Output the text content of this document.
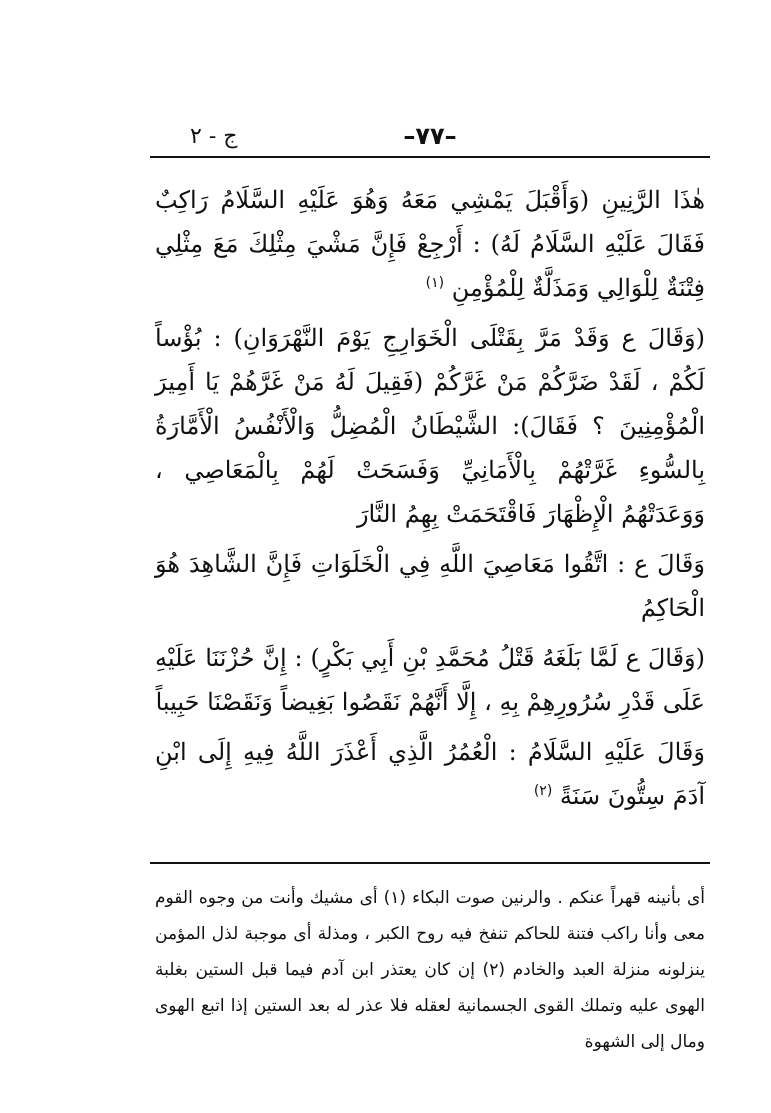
–٧٧–
ج - ٢

هٰذَا الرَّنِينِ (وَأَقْبَلَ يَمْشِي مَعَهُ وَهُوَ عَلَيْهِ السَّلَامُ رَاكِبٌ فَقَالَ عَلَيْهِ السَّلَامُ لَهُ) : أَرْجِعْ فَإِنَّ مَشْيَ مِثْلِكَ مَعَ مِثْلِي فِتْنَةٌ لِلْوَالِي وَمَذَلَّةٌ لِلْمُؤْمِنِ $^{(١)}$

(وَقَالَ ع وَقَدْ مَرَّ بِقَتْلَى الْخَوَارِجِ يَوْمَ النَّهْرَوَانِ) : بُؤْساً لَكُمْ ، لَقَدْ ضَرَّكُمْ مَنْ غَرَّكُمْ (فَقِيلَ لَهُ مَنْ غَرَّهُمْ يَا أَمِيرَ الْمُؤْمِنِينَ ؟ فَقَالَ): الشَّيْطَانُ الْمُضِلُّ وَالْأَنْفُسُ الْأَمَّارَةُ بِالسُّوءِ غَرَّتْهُمْ بِالْأَمَانِيِّ وَفَسَحَتْ لَهُمْ بِالْمَعَاصِي ، وَوَعَدَتْهُمُ الْإِظْهَارَ فَاقْتَحَمَتْ بِهِمُ النَّارَ

وَقَالَ ع : اتَّقُوا مَعَاصِيَ اللَّهِ فِي الْخَلَوَاتِ فَإِنَّ الشَّاهِدَ هُوَ الْحَاكِمُ

(وَقَالَ ع لَمَّا بَلَغَهُ قَتْلُ مُحَمَّدِ بْنِ أَبِي بَكْرٍ) : إِنَّ حُزْنَنَا عَلَيْهِ عَلَى قَدْرِ سُرُورِهِمْ بِهِ ، إِلَّا أَنَّهُمْ نَقَصُوا بَغِيضاً وَنَقَصْنَا حَبِيباً

وَقَالَ عَلَيْهِ السَّلَامُ : الْعُمُرُ الَّذِي أَعْذَرَ اللَّهُ فِيهِ إِلَى ابْنِ آدَمَ سِتُّونَ سَنَةً $^{(٢)}$

أى بأنينه قهراً عنكم . والرنين صوت البكاء (١) أى مشيك وأنت من وجوه القوم معى وأنا راكب فتنة للحاكم تنفخ فيه روح الكبر ، ومذلة أى موجبة لذل المؤمن ينزلونه منزلة العبد والخادم (٢) إن كان يعتذر ابن آدم فيما قبل الستين بغلبة الهوى عليه وتملك القوى الجسمانية لعقله فلا عذر له بعد الستين إذا اتبع الهوى ومال إلى الشهوة
